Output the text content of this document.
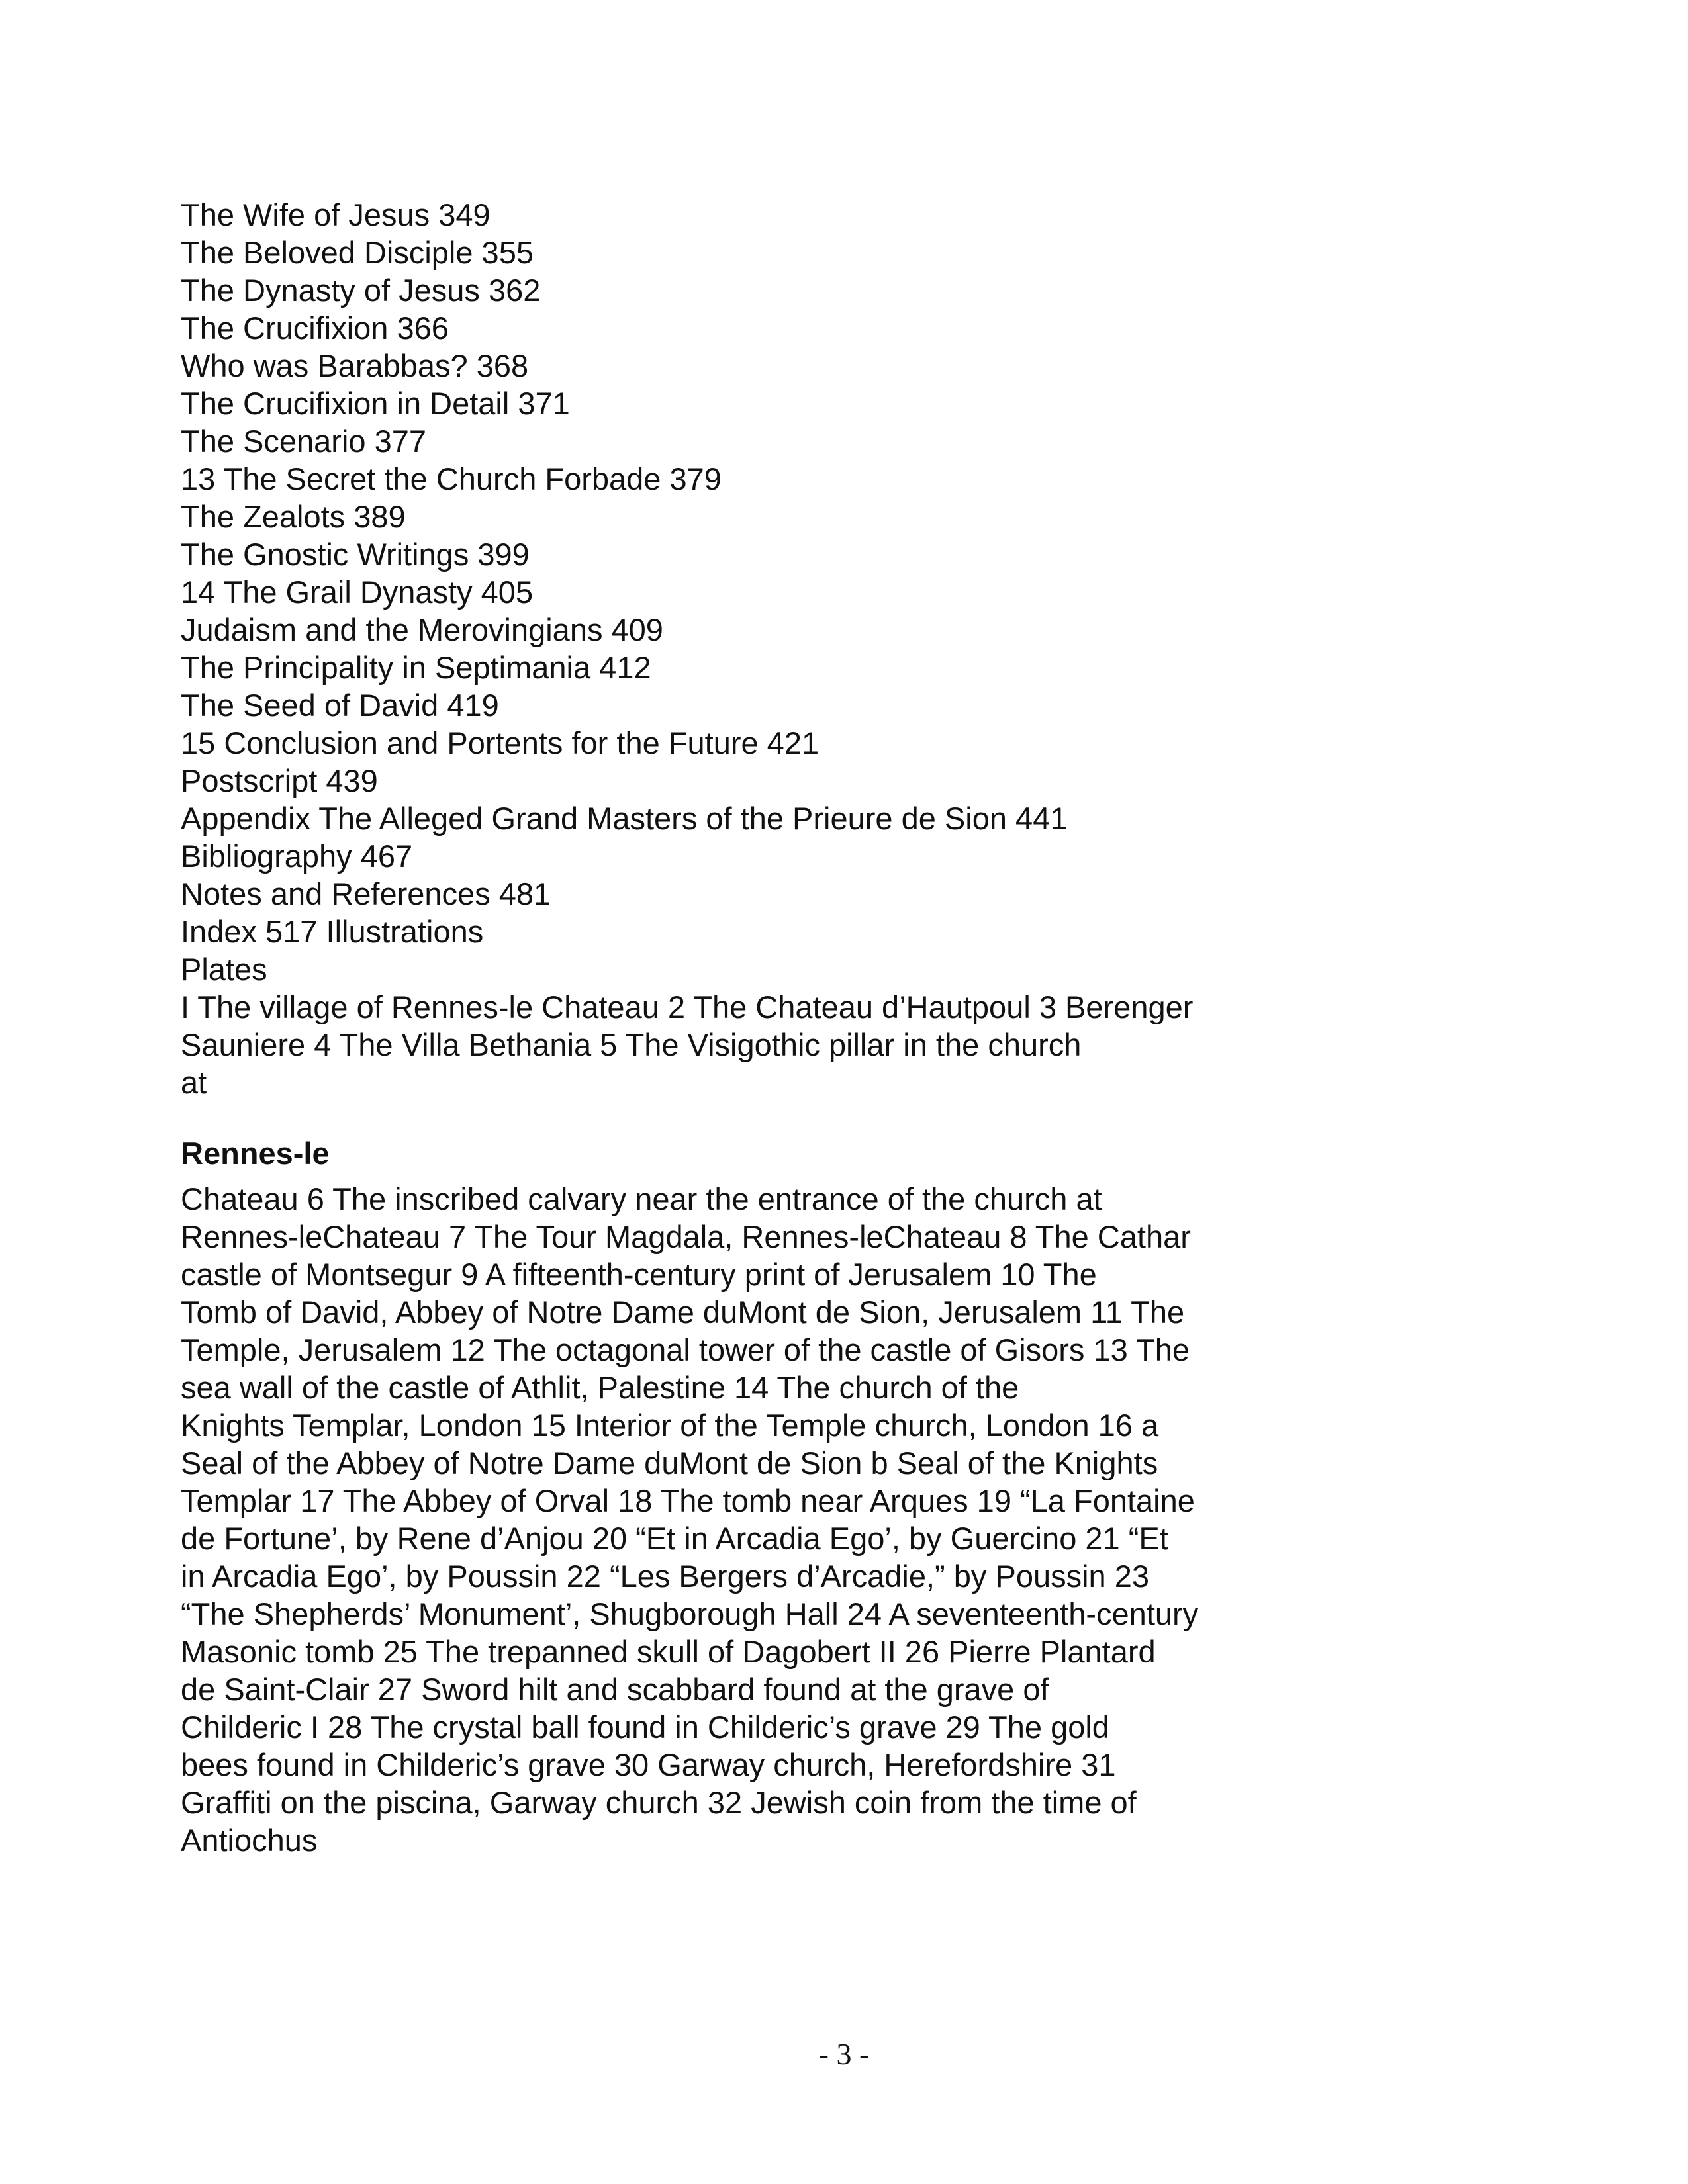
The Wife of Jesus 349

The Beloved Disciple 355

The Dynasty of Jesus 362

The Crucifixion 366

Who was Barabbas? 368

The Crucifixion in Detail 371

The Scenario 377

13 The Secret the Church Forbade 379

The Zealots 389

The Gnostic Writings 399

14 The Grail Dynasty 405

Judaism and the Merovingians 409

The Principality in Septimania 412

The Seed of David 419

15 Conclusion and Portents for the Future 421

Postscript 439

Appendix The Alleged Grand Masters of the Prieure de Sion 441

Bibliography 467

Notes and References 481

Index 517 Illustrations

Plates

I The village of Rennes-le Chateau 2 The Chateau d’Hautpoul 3 Berenger

Sauniere 4 The Villa Bethania 5 The Visigothic pillar in the church

at

Rennes-le

Chateau 6 The inscribed calvary near the entrance of the church at

Rennes-leChateau 7 The Tour Magdala, Rennes-leChateau 8 The Cathar

castle of Montsegur 9 A fifteenth-century print of Jerusalem 10 The

Tomb of David, Abbey of Notre Dame duMont de Sion, Jerusalem 11 The

Temple, Jerusalem 12 The octagonal tower of the castle of Gisors 13 The

sea wall of the castle of Athlit, Palestine 14 The church of the

Knights Templar, London 15 Interior of the Temple church, London 16 a

Seal of the Abbey of Notre Dame duMont de Sion b Seal of the Knights

Templar 17 The Abbey of Orval 18 The tomb near Arques 19 “La Fontaine

de Fortune’, by Rene d’Anjou 20 “Et in Arcadia Ego’, by Guercino 21 “Et

in Arcadia Ego’, by Poussin 22 “Les Bergers d’Arcadie,” by Poussin 23

“The Shepherds’ Monument’, Shugborough Hall 24 A seventeenth-century

Masonic tomb 25 The trepanned skull of Dagobert II 26 Pierre Plantard

de Saint-Clair 27 Sword hilt and scabbard found at the grave of

Childeric I 28 The crystal ball found in Childeric’s grave 29 The gold

bees found in Childeric’s grave 30 Garway church, Herefordshire 31

Graffiti on the piscina, Garway church 32 Jewish coin from the time of

Antiochus

- 3 -
